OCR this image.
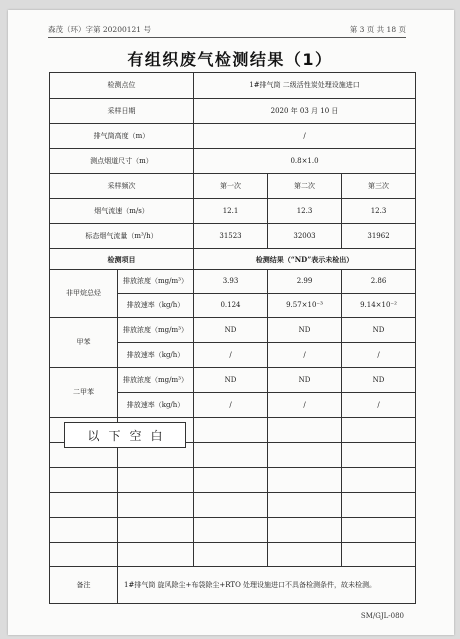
森茂（环）字第 20200121 号	第 3 页 共 18 页
有组织废气检测结果（1）
检测点位		1#排气筒 二级活性炭处理设施进口		
采样日期		2020 年 03 月 10 日		
排气筒高度（m）		/		
测点烟道尺寸（m）		0.8×1.0		
采样频次		第一次	第二次	第三次
烟气流速（m/s）		12.1	12.3	12.3
标态烟气流量（m³/h）		31523	32003	31962
检测项目		检测结果（“ND”表示未检出）		
非甲烷总烃	排放浓度（mg/m³）	3.93	2.99	2.86
	排放速率（kg/h）	0.124	9.57×10⁻³	9.14×10⁻²
甲苯	排放浓度（mg/m³）	ND	ND	ND
	排放速率（kg/h）	/	/	/
二甲苯	排放浓度（mg/m³）	ND	ND	ND
	排放速率（kg/h）	/	/	/

备注	1#排气筒 旋风除尘+布袋除尘+RTO 处理设施进口不具备检测条件，故未检测。			
以下空白
SM/GJL-080
